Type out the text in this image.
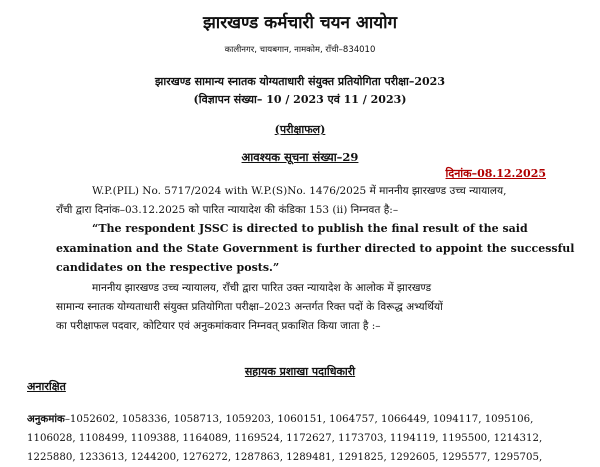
झारखण्ड कर्मचारी चयन आयोग
कालीनगर, चायबगान, नामकोम, राँची–834010
झारखण्ड सामान्य स्नातक योग्यताधारी संयुक्त प्रतियोगिता परीक्षा–2023
(विज्ञापन संख्या– 10 / 2023 एवं 11 / 2023)
(परीक्षाफल)
आवश्यक सूचना संख्या–29
दिनांक–08.12.2025
W.P.(PIL) No. 5717/2024 with W.P.(S)No. 1476/2025 में माननीय झारखण्ड उच्च न्यायालय,
राँची द्वारा दिनांक–03.12.2025 को पारित न्यायादेश की कंडिका 153 (ii) निम्नवत है:–
“The respondent JSSC is directed to publish the final result of the said
examination and the State Government is further directed to appoint the successful
candidates on the respective posts.”
माननीय झारखण्ड उच्च न्यायालय, राँची द्वारा पारित उक्त न्यायादेश के आलोक में झारखण्ड
सामान्य स्नातक योग्यताधारी संयुक्त प्रतियोगिता परीक्षा–2023 अन्तर्गत रिक्त पदों के विरूद्ध अभ्यर्थियों
का परीक्षाफल पदवार, कोटियार एवं अनुकमांकवार निम्नवत् प्रकाशित किया जाता है :–
सहायक प्रशाखा पदाधिकारी
अनारक्षित
अनुकमांक–1052602, 1058336, 1058713, 1059203, 1060151, 1064757, 1066449, 1094117, 1095106,
1106028, 1108499, 1109388, 1164089, 1169524, 1172627, 1173703, 1194119, 1195500, 1214312,
1225880, 1233613, 1244200, 1276272, 1287863, 1289481, 1291825, 1292605, 1295577, 1295705,
